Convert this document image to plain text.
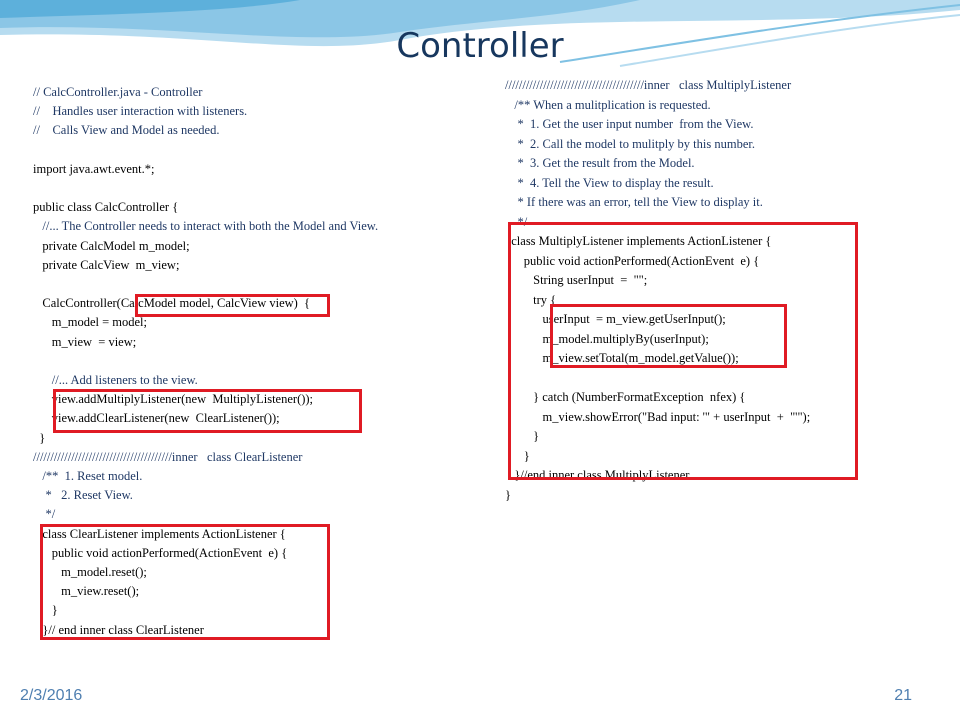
Controller
// CalcController.java - Controller
//    Handles user interaction with listeners.
//    Calls View and Model as needed.
import java.awt.event.*;
public class CalcController {
//... The Controller needs to interact with both the Model and View.
private CalcModel m_model;
private CalcView  m_view;
CalcController(CalcModel model, CalcView view)  {
m_model = model;
m_view  = view;
//... Add listeners to the view.
view.addMultiplyListener(new  MultiplyListener());
view.addClearListener(new  ClearListener());
}
////////////////////////////////////////inner   class ClearListener
/**  1. Reset model.
*   2. Reset View.
*/
class ClearListener implements ActionListener {
public void actionPerformed(ActionEvent  e) {
m_model.reset();
m_view.reset();
}
}// end inner class ClearListener
////////////////////////////////////////inner   class MultiplyListener
/** When a mulitplication is requested.
*  1. Get the user input number  from the View.
*  2. Call the model to mulitply by this number.
*  3. Get the result from the Model.
*  4. Tell the View to display the result.
* If there was an error, tell the View to display it.
*/
class MultiplyListener implements ActionListener {
public void actionPerformed(ActionEvent  e) {
String userInput  =  "";
try {
userInput  = m_view.getUserInput();
m_model.multiplyBy(userInput);
m_view.setTotal(m_model.getValue());
} catch (NumberFormatException  nfex) {
m_view.showError("Bad input: '" + userInput  +  "'");
}
}
}//end inner class MultiplyListener
}
2/3/2016	21
